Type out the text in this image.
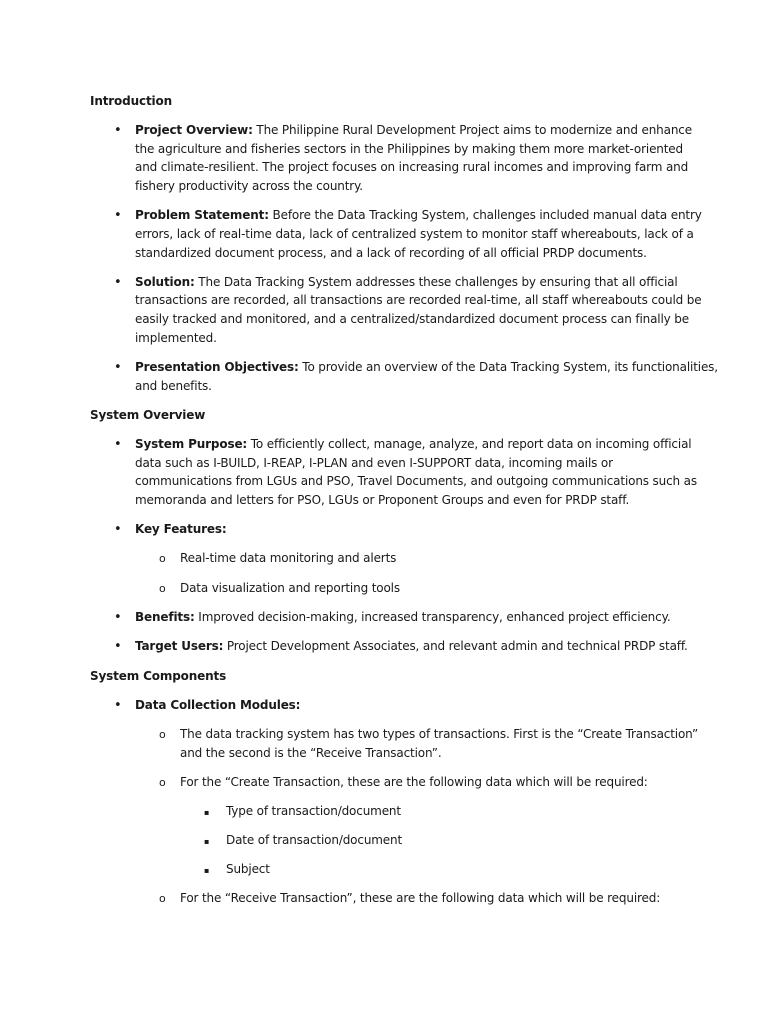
Introduction
• Project Overview: The Philippine Rural Development Project aims to modernize and enhance
the agriculture and fisheries sectors in the Philippines by making them more market-oriented
and climate-resilient. The project focuses on increasing rural incomes and improving farm and
fishery productivity across the country.
• Problem Statement: Before the Data Tracking System, challenges included manual data entry
errors, lack of real-time data, lack of centralized system to monitor staff whereabouts, lack of a
standardized document process, and a lack of recording of all official PRDP documents.
• Solution: The Data Tracking System addresses these challenges by ensuring that all official
transactions are recorded, all transactions are recorded real-time, all staff whereabouts could be
easily tracked and monitored, and a centralized/standardized document process can finally be
implemented.
• Presentation Objectives: To provide an overview of the Data Tracking System, its functionalities,
and benefits.
System Overview
• System Purpose: To efficiently collect, manage, analyze, and report data on incoming official
data such as I-BUILD, I-REAP, I-PLAN and even I-SUPPORT data, incoming mails or
communications from LGUs and PSO, Travel Documents, and outgoing communications such as
memoranda and letters for PSO, LGUs or Proponent Groups and even for PRDP staff.
• Key Features:
o Real-time data monitoring and alerts
o Data visualization and reporting tools
• Benefits: Improved decision-making, increased transparency, enhanced project efficiency.
• Target Users: Project Development Associates, and relevant admin and technical PRDP staff.
System Components
• Data Collection Modules:
o The data tracking system has two types of transactions. First is the “Create Transaction”
and the second is the “Receive Transaction”.
o For the “Create Transaction, these are the following data which will be required:
▪ Type of transaction/document
▪ Date of transaction/document
▪ Subject
o For the “Receive Transaction”, these are the following data which will be required:
